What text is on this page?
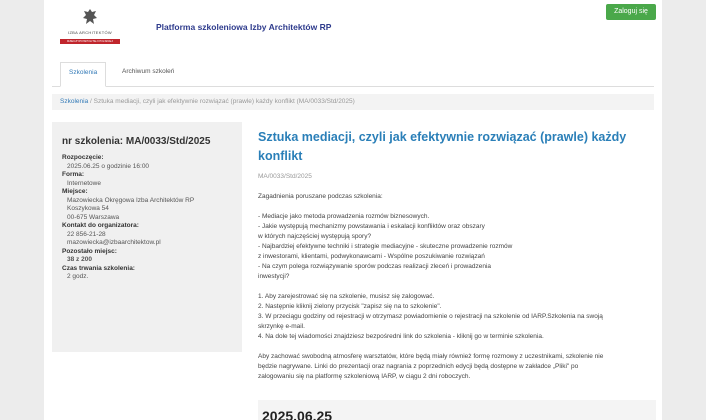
IZBA ARCHITEKTÓW
RZECZYPOSPOLITEJ POLSKIEJ
Platforma szkoleniowa Izby Architektów RP
Zaloguj się
Szkolenia	Archiwum szkoleń
Szkolenia / Sztuka mediacji, czyli jak efektywnie rozwiązać (prawle) każdy konflikt (MA/0033/Std/2025)
nr szkolenia: MA/0033/Std/2025
Rozpoczęcie:
2025.06.25 o godzinie 16:00
Forma:
Internetowe
Miejsce:
Mazowiecka Okręgowa Izba Architektów RP
Koszykowa 54
00-675 Warszawa
Kontakt do organizatora:
22 856-21-28
mazowiecka@izbaarchitektow.pl
Pozostało miejsc:
38 z 200
Czas trwania szkolenia:
2 godz.
Sztuka mediacji, czyli jak efektywnie rozwiązać (prawle) każdy konflikt
MA/0033/Std/2025

Zagadnienia poruszane podczas szkolenia:

- Mediacje jako metoda prowadzenia rozmów biznesowych.
- Jakie występują mechanizmy powstawania i eskalacji konfliktów oraz obszary
w których najczęściej występują spory?
- Najbardziej efektywne techniki i strategie mediacyjne - skuteczne prowadzenie rozmów
z inwestorami, klientami, podwykonawcami - Wspólne poszukiwanie rozwiązań
- Na czym polega rozwiązywanie sporów podczas realizacji zleceń i prowadzenia
inwestycji?
1. Aby zarejestrować się na szkolenie, musisz się zalogować.
2. Następnie kliknij zielony przycisk "zapisz się na to szkolenie".
3. W przeciągu godziny od rejestracji w otrzymasz powiadomienie o rejestracji na szkolenie od IARP.Szkolenia na swoją
skrzynkę e-mail.
4. Na dole tej wiadomości znajdziesz bezpośredni link do szkolenia - kliknij go w terminie szkolenia.
Aby zachować swobodną atmosferę warsztatów, które będą miały również formę rozmowy z uczestnikami, szkolenie nie
będzie nagrywane. Linki do prezentacji oraz nagrania z poprzednich edycji będą dostępne w zakładce „Pliki" po
zalogowaniu się na platformę szkoleniową IARP, w ciągu 2 dni roboczych.
2025.06.25
